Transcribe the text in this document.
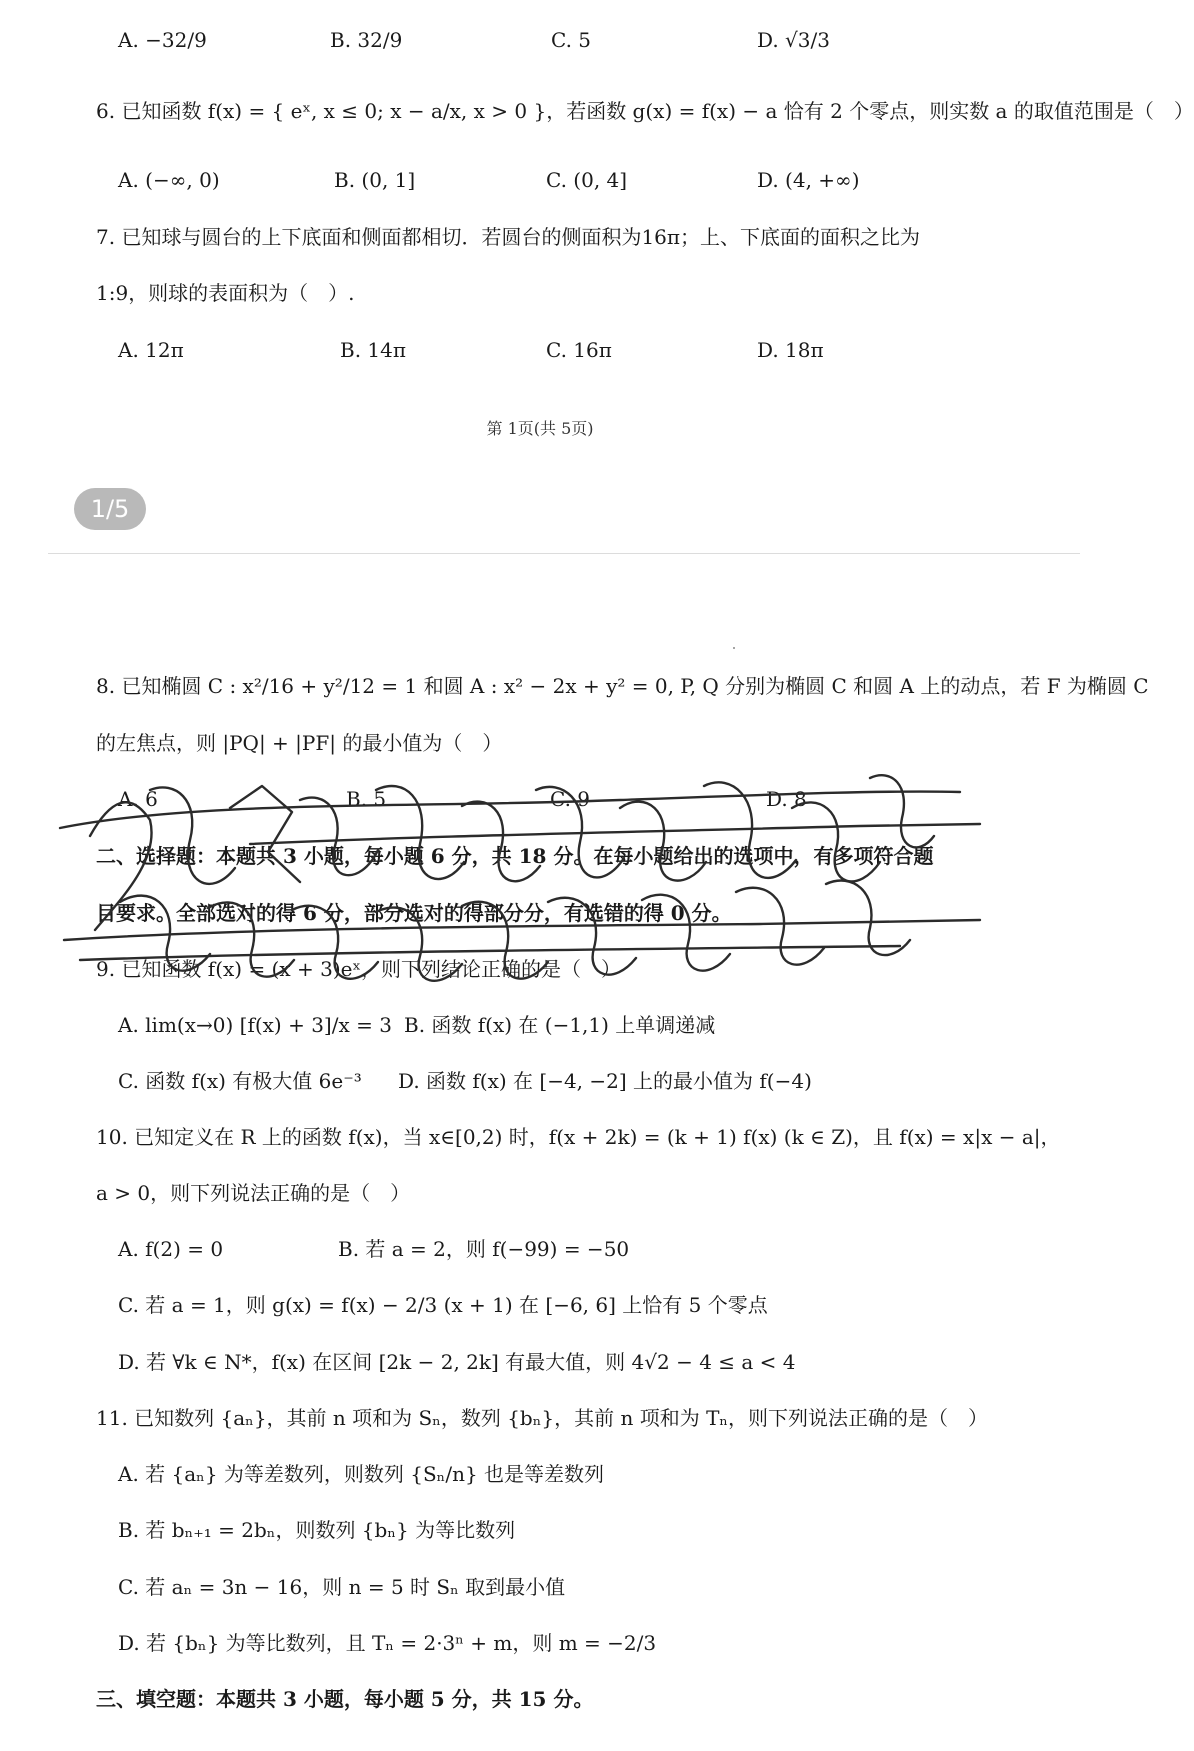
A. −32/9	B. 32/9	C. 5	D. √3/3
6. 已知函数 f(x) = { eˣ, x ≤ 0; x − a/x, x > 0 }，若函数 g(x) = f(x) − a 恰有 2 个零点，则实数 a 的取值范围是（　）
A. (−∞, 0)	B. (0, 1]	C. (0, 4]	D. (4, +∞)
7. 已知球与圆台的上下底面和侧面都相切．若圆台的侧面积为16π；上、下底面的面积之比为
1:9，则球的表面积为（　）.
A. 12π	B. 14π	C. 16π	D. 18π
第 1页(共 5页)
1/5
8. 已知椭圆 C : x²/16 + y²/12 = 1 和圆 A : x² − 2x + y² = 0, P, Q 分别为椭圆 C 和圆 A 上的动点，若 F 为椭圆 C
的左焦点，则 |PQ| + |PF| 的最小值为（　）
A. 6	B. 5	C. 9	D. 8
二、选择题：本题共 3 小题，每小题 6 分，共 18 分。在每小题给出的选项中，有多项符合题
目要求。全部选对的得 6 分，部分选对的得部分分，有选错的得 0 分。
9. 已知函数 f(x) = (x + 3)eˣ，则下列结论正确的是（　）
A. lim(x→0) [f(x) + 3]/x = 3 B. 函数 f(x) 在 (−1,1) 上单调递减
C. 函数 f(x) 有极大值 6e⁻³ D. 函数 f(x) 在 [−4, −2] 上的最小值为 f(−4)
10. 已知定义在 R 上的函数 f(x)，当 x∈[0,2) 时，f(x + 2k) = (k + 1) f(x) (k ∈ Z)，且 f(x) = x|x − a|，
a > 0，则下列说法正确的是（　）
A. f(2) = 0	B. 若 a = 2，则 f(−99) = −50
C. 若 a = 1，则 g(x) = f(x) − 2/3 (x + 1) 在 [−6, 6] 上恰有 5 个零点
D. 若 ∀k ∈ N*，f(x) 在区间 [2k − 2, 2k] 有最大值，则 4√2 − 4 ≤ a < 4
11. 已知数列 {aₙ}，其前 n 项和为 Sₙ，数列 {bₙ}，其前 n 项和为 Tₙ，则下列说法正确的是（　）
A. 若 {aₙ} 为等差数列，则数列 {Sₙ/n} 也是等差数列
B. 若 bₙ₊₁ = 2bₙ，则数列 {bₙ} 为等比数列
C. 若 aₙ = 3n − 16，则 n = 5 时 Sₙ 取到最小值
D. 若 {bₙ} 为等比数列，且 Tₙ = 2·3ⁿ + m，则 m = −2/3
三、填空题：本题共 3 小题，每小题 5 分，共 15 分。
